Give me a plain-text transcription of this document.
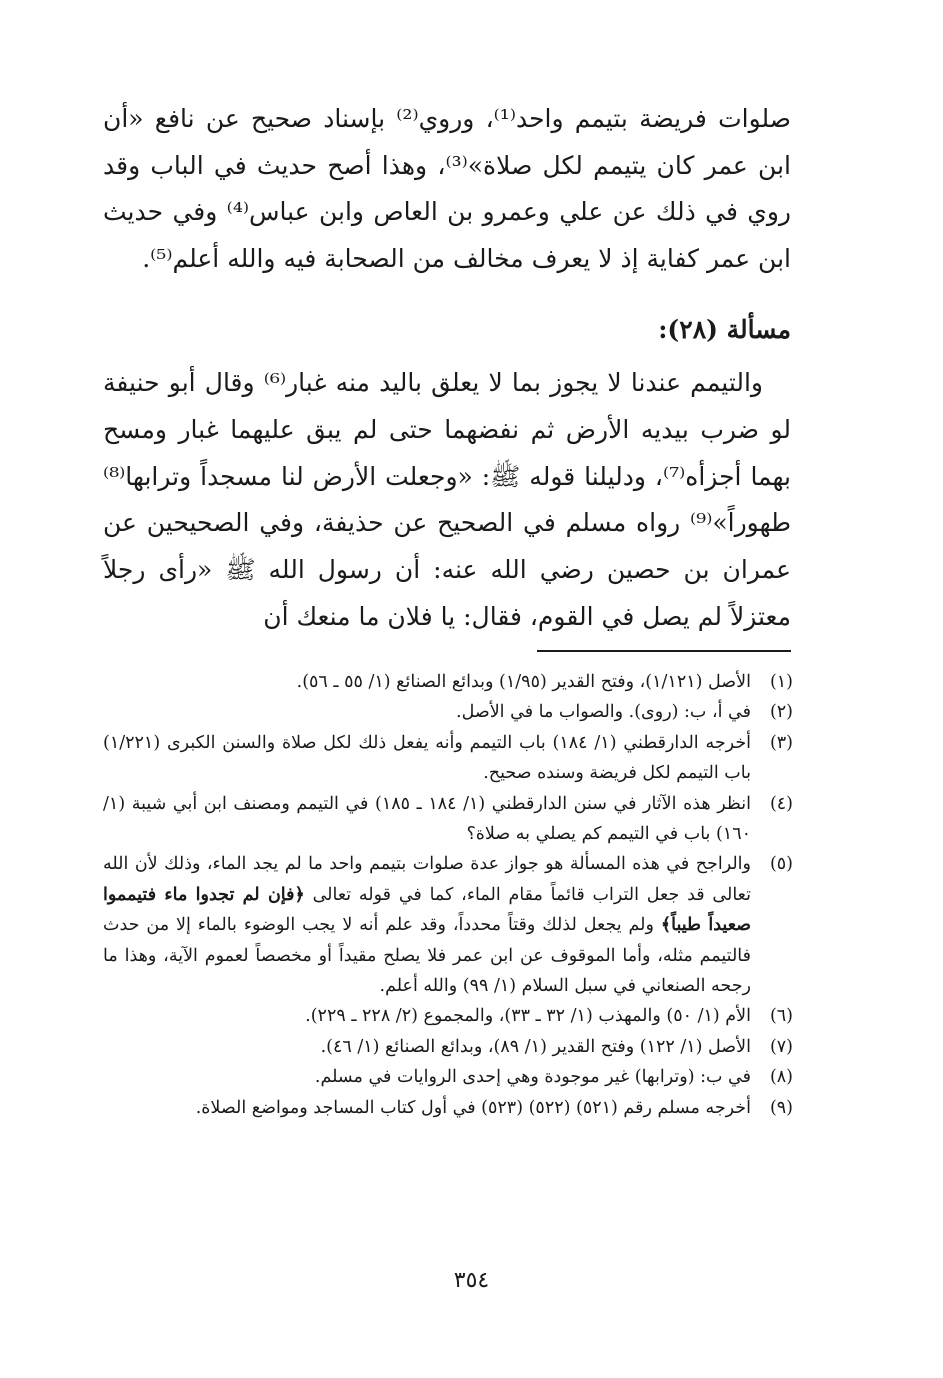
صلوات فريضة بتيمم واحد⁽¹⁾، وروي⁽²⁾ بإسناد صحيح عن نافع «أن ابن عمر كان يتيمم لكل صلاة»⁽³⁾، وهذا أصح حديث في الباب وقد روي في ذلك عن علي وعمرو بن العاص وابن عباس⁽⁴⁾ وفي حديث ابن عمر كفاية إذ لا يعرف مخالف من الصحابة فيه والله أعلم⁽⁵⁾.

مسألة (٢٨):

والتيمم عندنا لا يجوز بما لا يعلق باليد منه غبار⁽⁶⁾ وقال أبو حنيفة لو ضرب بيديه الأرض ثم نفضهما حتى لم يبق عليهما غبار ومسح بهما أجزأه⁽⁷⁾، ودليلنا قوله ﷺ: «وجعلت الأرض لنا مسجداً وترابها⁽⁸⁾ طهوراً»⁽⁹⁾ رواه مسلم في الصحيح عن حذيفة، وفي الصحيحين عن عمران بن حصين رضي الله عنه: أن رسول الله ﷺ «رأى رجلاً معتزلاً لم يصل في القوم، فقال: يا فلان ما منعك أن

(١)
الأصل (١/١٢١)، وفتح القدير (١/٩٥) وبدائع الصنائع (١/ ٥٥ ـ ٥٦).
(٢)
في أ، ب: (روى). والصواب ما في الأصل.
(٣)
أخرجه الدارقطني (١/ ١٨٤) باب التيمم وأنه يفعل ذلك لكل صلاة والسنن الكبرى (١/٢٢١) باب التيمم لكل فريضة وسنده صحيح.
(٤)
انظر هذه الآثار في سنن الدارقطني (١/ ١٨٤ ـ ١٨٥) في التيمم ومصنف ابن أبي شيبة (١/ ١٦٠) باب في التيمم كم يصلي به صلاة؟
(٥)
والراجح في هذه المسألة هو جواز عدة صلوات بتيمم واحد ما لم يجد الماء، وذلك لأن الله تعالى قد جعل التراب قائماً مقام الماء، كما في قوله تعالى ﴿فإن لم تجدوا ماء فتيمموا صعيداً طيباً﴾ ولم يجعل لذلك وقتاً محدداً، وقد علم أنه لا يجب الوضوء بالماء إلا من حدث فالتيمم مثله، وأما الموقوف عن ابن عمر فلا يصلح مقيداً أو مخصصاً لعموم الآية، وهذا ما رجحه الصنعاني في سبل السلام (١/ ٩٩) والله أعلم.
(٦)
الأم (١/ ٥٠) والمهذب (١/ ٣٢ ـ ٣٣)، والمجموع (٢/ ٢٢٨ ـ ٢٢٩).
(٧)
الأصل (١/ ١٢٢) وفتح القدير (١/ ٨٩)، وبدائع الصنائع (١/ ٤٦).
(٨)
في ب: (وترابها) غير موجودة وهي إحدى الروايات في مسلم.
(٩)
أخرجه مسلم رقم (٥٢١) (٥٢٢) (٥٢٣) في أول كتاب المساجد ومواضع الصلاة.
٣٥٤
